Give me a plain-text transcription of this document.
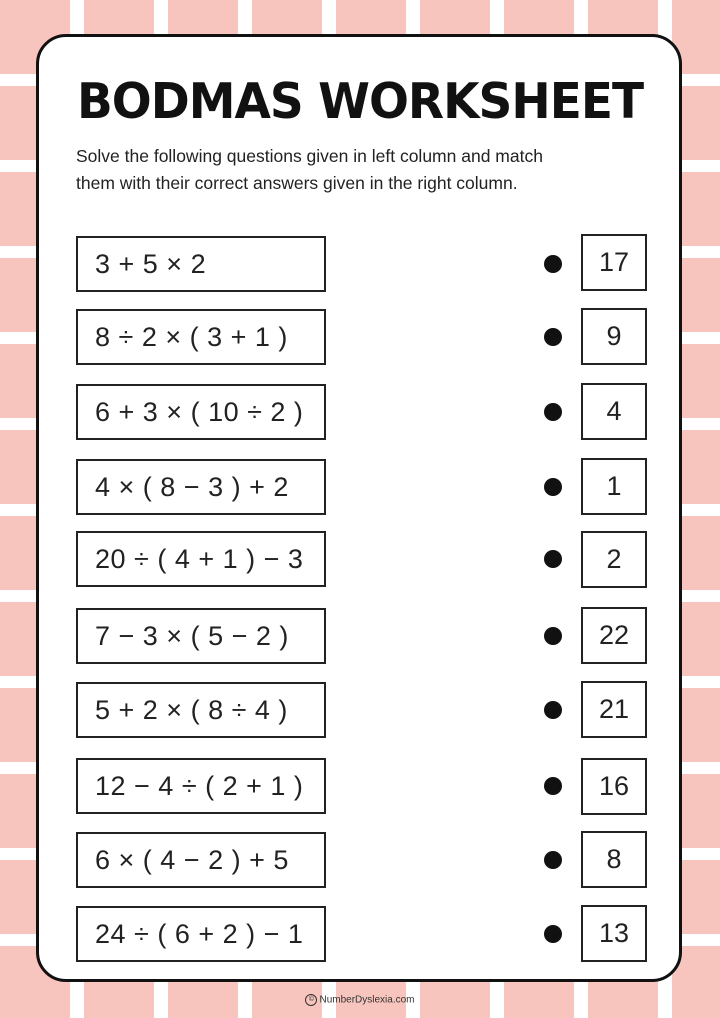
BODMAS WORKSHEET

Solve the following questions given in left column and match
them with their correct answers given in the right column.

3 + 5 × 2	17
8 ÷ 2 × ( 3 + 1 )	9
6 + 3 × ( 10 ÷ 2 )	4
4 × ( 8 − 3 ) + 2	1
20 ÷ ( 4 + 1 ) − 3	2
7 − 3 × ( 5 − 2 )	22
5 + 2 × ( 8 ÷ 4 )	21
12 − 4 ÷ ( 2 + 1 )	16
6 × ( 4 − 2 ) + 5	8
24 ÷ ( 6 + 2 ) − 1	13
© NumberDyslexia.com
